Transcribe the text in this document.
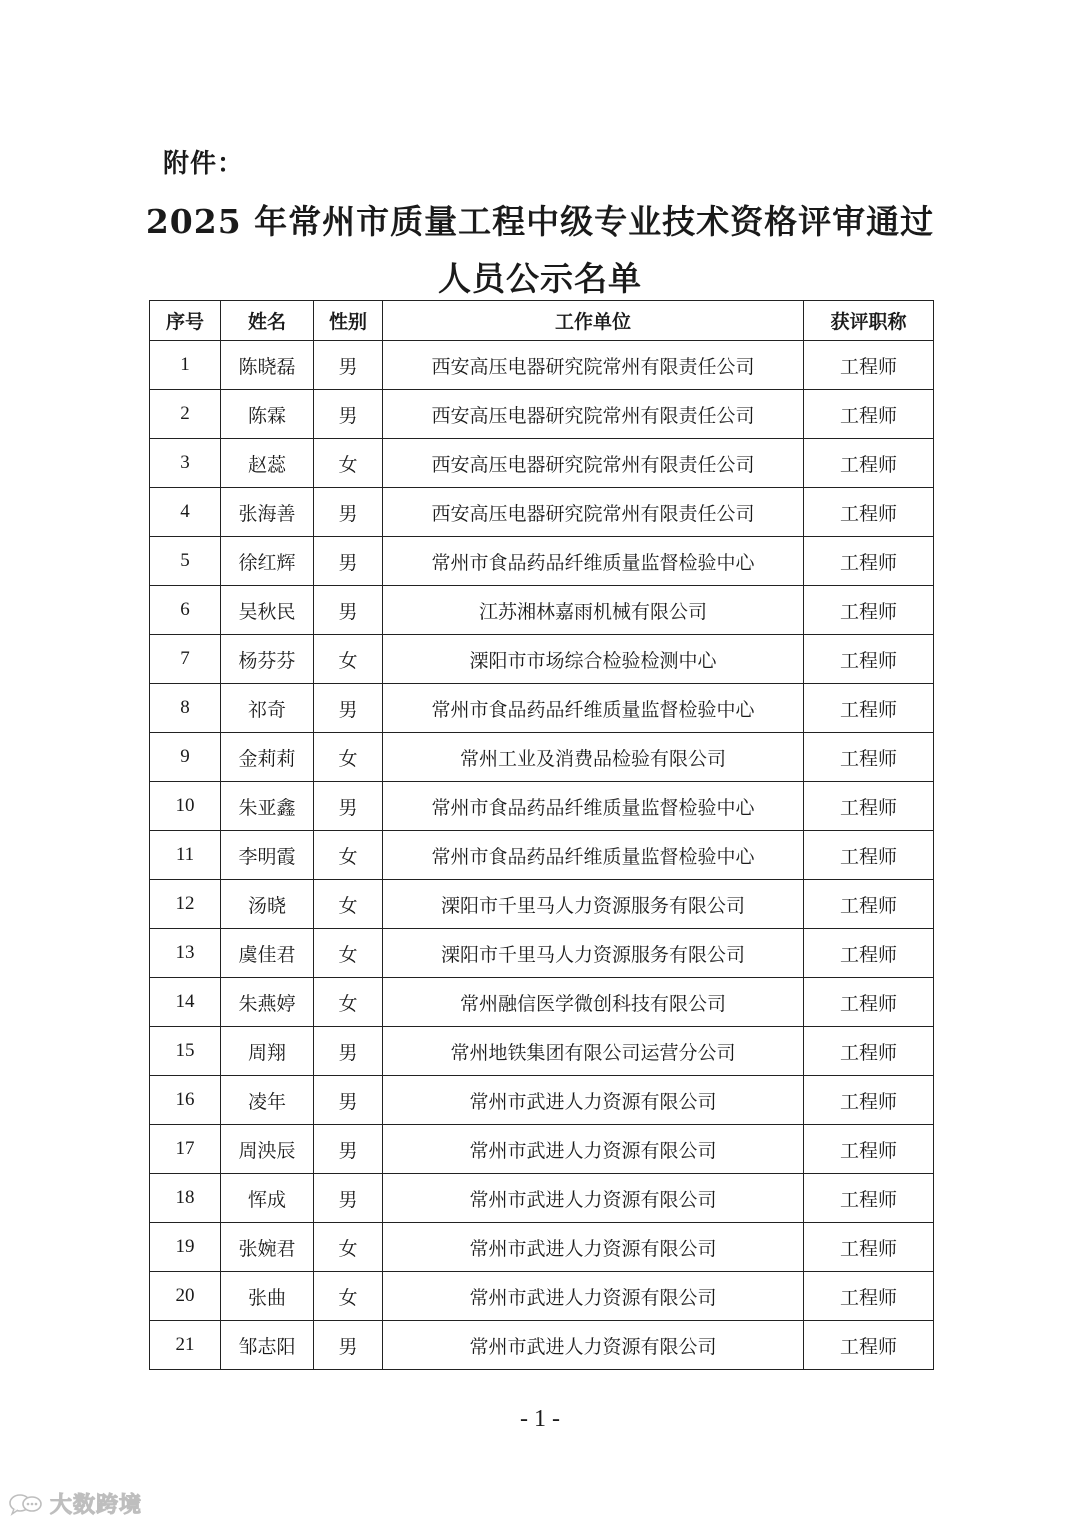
附件：
2025 年常州市质量工程中级专业技术资格评审通过
人员公示名单
序号	姓名	性别	工作单位	获评职称
1	陈晓磊	男	西安高压电器研究院常州有限责任公司	工程师
2	陈霖	男	西安高压电器研究院常州有限责任公司	工程师
3	赵蕊	女	西安高压电器研究院常州有限责任公司	工程师
4	张海善	男	西安高压电器研究院常州有限责任公司	工程师
5	徐红辉	男	常州市食品药品纤维质量监督检验中心	工程师
6	吴秋民	男	江苏湘林嘉雨机械有限公司	工程师
7	杨芬芬	女	溧阳市市场综合检验检测中心	工程师
8	祁奇	男	常州市食品药品纤维质量监督检验中心	工程师
9	金莉莉	女	常州工业及消费品检验有限公司	工程师
10	朱亚鑫	男	常州市食品药品纤维质量监督检验中心	工程师
11	李明霞	女	常州市食品药品纤维质量监督检验中心	工程师
12	汤晓	女	溧阳市千里马人力资源服务有限公司	工程师
13	虞佳君	女	溧阳市千里马人力资源服务有限公司	工程师
14	朱燕婷	女	常州融信医学微创科技有限公司	工程师
15	周翔	男	常州地铁集团有限公司运营分公司	工程师
16	凌年	男	常州市武进人力资源有限公司	工程师
17	周泱辰	男	常州市武进人力资源有限公司	工程师
18	恽成	男	常州市武进人力资源有限公司	工程师
19	张婉君	女	常州市武进人力资源有限公司	工程师
20	张曲	女	常州市武进人力资源有限公司	工程师
21	邹志阳	男	常州市武进人力资源有限公司	工程师
- 1 -
大数跨境
